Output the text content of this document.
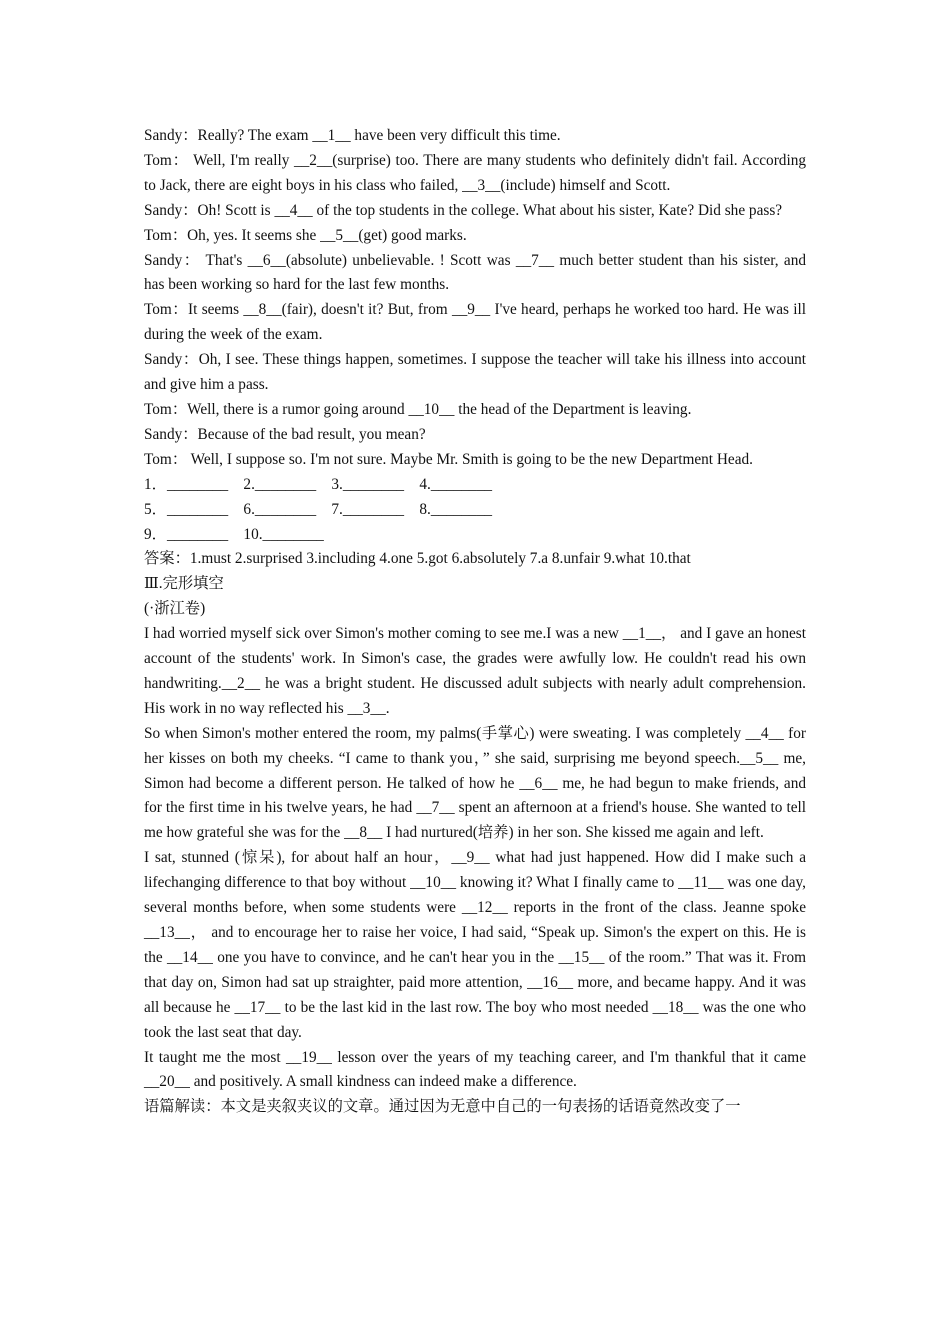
Sandy：Really? The exam __1__ have been very difficult this time.

Tom： Well, I'm really __2__(surprise) too. There are many students who definitely didn't fail. According to Jack, there are eight boys in his class who failed, __3__(include) himself and Scott.

Sandy：Oh! Scott is __4__ of the top students in the college. What about his sister, Kate? Did she pass?

Tom：Oh, yes. It seems she __5__(get) good marks.

Sandy： That's __6__(absolute) unbelievable. ! Scott was __7__ much better student than his sister, and has been working so hard for the last few months.

Tom：It seems __8__(fair), doesn't it? But, from __9__ I've heard, perhaps he worked too hard. He was ill during the week of the exam.

Sandy：Oh, I see. These things happen, sometimes. I suppose the teacher will take his illness into account and give him a pass.

Tom：Well, there is a rumor going around __10__ the head of the Department is leaving.

Sandy：Because of the bad result, you mean?

Tom： Well, I suppose so. I'm not sure. Maybe Mr. Smith is going to be the new Department Head.

1．________    2.________    3.________    4.________

5．________    6.________    7.________    8.________

9．________    10.________

答案：1.must 2.surprised 3.including 4.one 5.got 6.absolutely 7.a 8.unfair 9.what 10.that

Ⅲ.完形填空

(·浙江卷)

I had worried myself sick over Simon's mother coming to see me.I was a new __1__， and I gave an honest account of the students' work. In Simon's case, the grades were awfully low. He couldn't read his own handwriting.__2__ he was a bright student. He discussed adult subjects with nearly adult comprehension. His work in no way reflected his __3__.

So when Simon's mother entered the room, my palms(手掌心) were sweating. I was completely __4__ for her kisses on both my cheeks. “I came to thank you，” she said, surprising me beyond speech.__5__ me, Simon had become a different person. He talked of how he __6__ me, he had begun to make friends, and for the first time in his twelve years, he had __7__ spent an afternoon at a friend's house. She wanted to tell me how grateful she was for the __8__ I had nurtured(培养) in her son. She kissed me again and left.

I sat, stunned (惊呆), for about half an hour，__9__ what had just happened. How did I make such a lifechanging difference to that boy without __10__ knowing it? What I finally came to __11__ was one day, several months before, when some students were __12__ reports in the front of the class. Jeanne spoke __13__， and to encourage her to raise her voice, I had said, “Speak up. Simon's the expert on this. He is the __14__ one you have to convince, and he can't hear you in the __15__ of the room.” That was it. From that day on, Simon had sat up straighter, paid more attention, __16__ more, and became happy. And it was all because he __17__ to be the last kid in the last row. The boy who most needed __18__ was the one who took the last seat that day.

It taught me the most __19__ lesson over the years of my teaching career, and I'm thankful that it came __20__ and positively. A small kindness can indeed make a difference.

语篇解读：本文是夹叙夹议的文章。通过因为无意中自己的一句表扬的话语竟然改变了一
